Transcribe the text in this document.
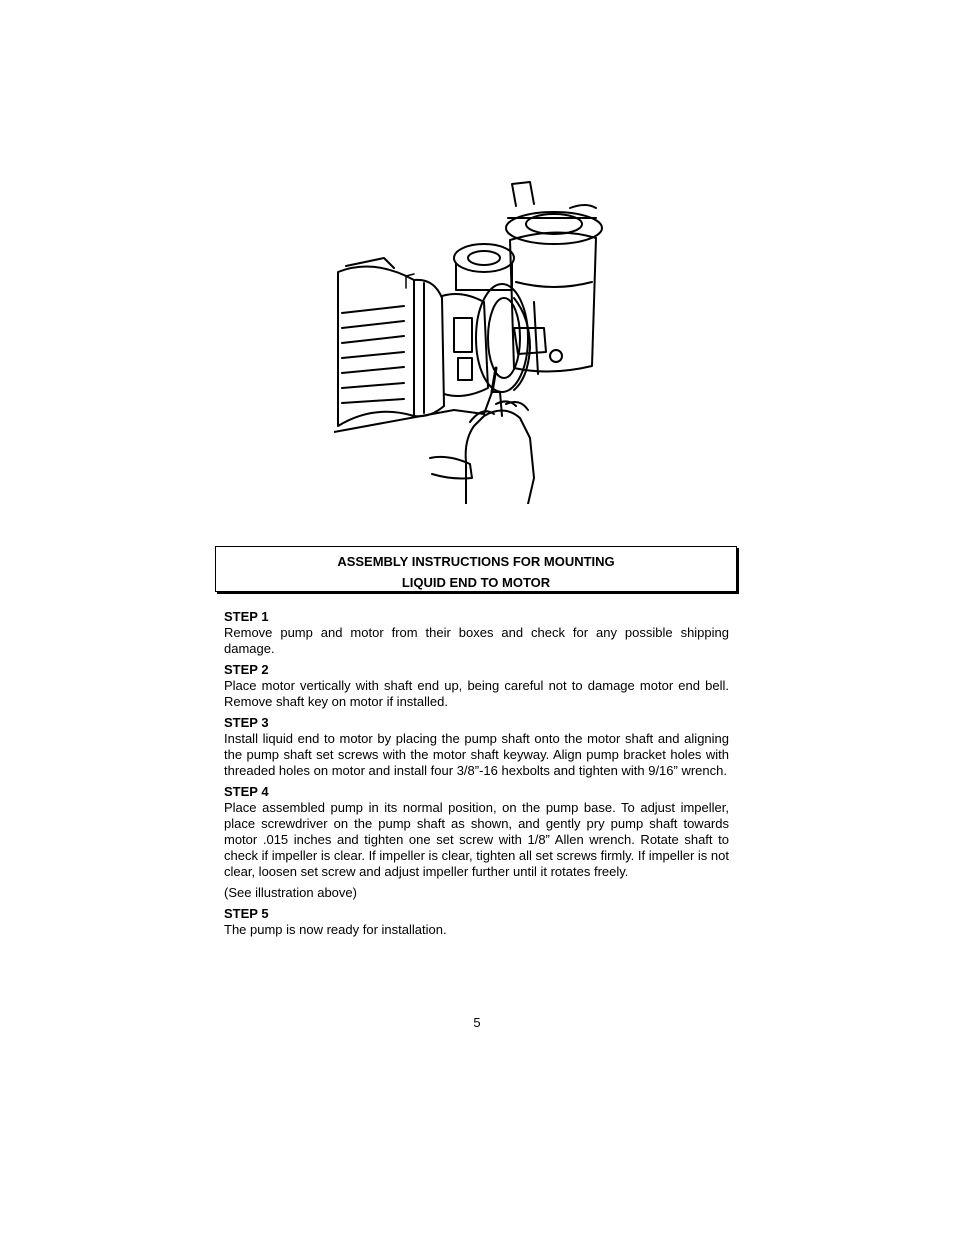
ASSEMBLY INSTRUCTIONS FOR MOUNTING
LIQUID END TO MOTOR
STEP 1
Remove pump and motor from their boxes and check for any possible shipping damage.
STEP 2
Place motor vertically with shaft end up, being careful not to damage motor end bell. Remove shaft key on motor if installed.
STEP 3
Install liquid end to motor by placing the pump shaft onto the motor shaft and aligning the pump shaft set screws with the motor shaft keyway. Align pump bracket holes with threaded holes on motor and install four 3/8”-16 hexbolts and tighten with 9/16” wrench.
STEP 4
Place assembled pump in its normal position, on the pump base. To adjust impeller, place screwdriver on the pump shaft as shown, and gently pry pump shaft towards motor .015 inches and tighten one set screw with 1/8” Allen wrench. Rotate shaft to check if impeller is clear. If impeller is clear, tighten all set screws firmly. If impeller is not clear, loosen set screw and adjust impeller further until it rotates freely.
(See illustration above)
STEP 5
The pump is now ready for installation.
5
